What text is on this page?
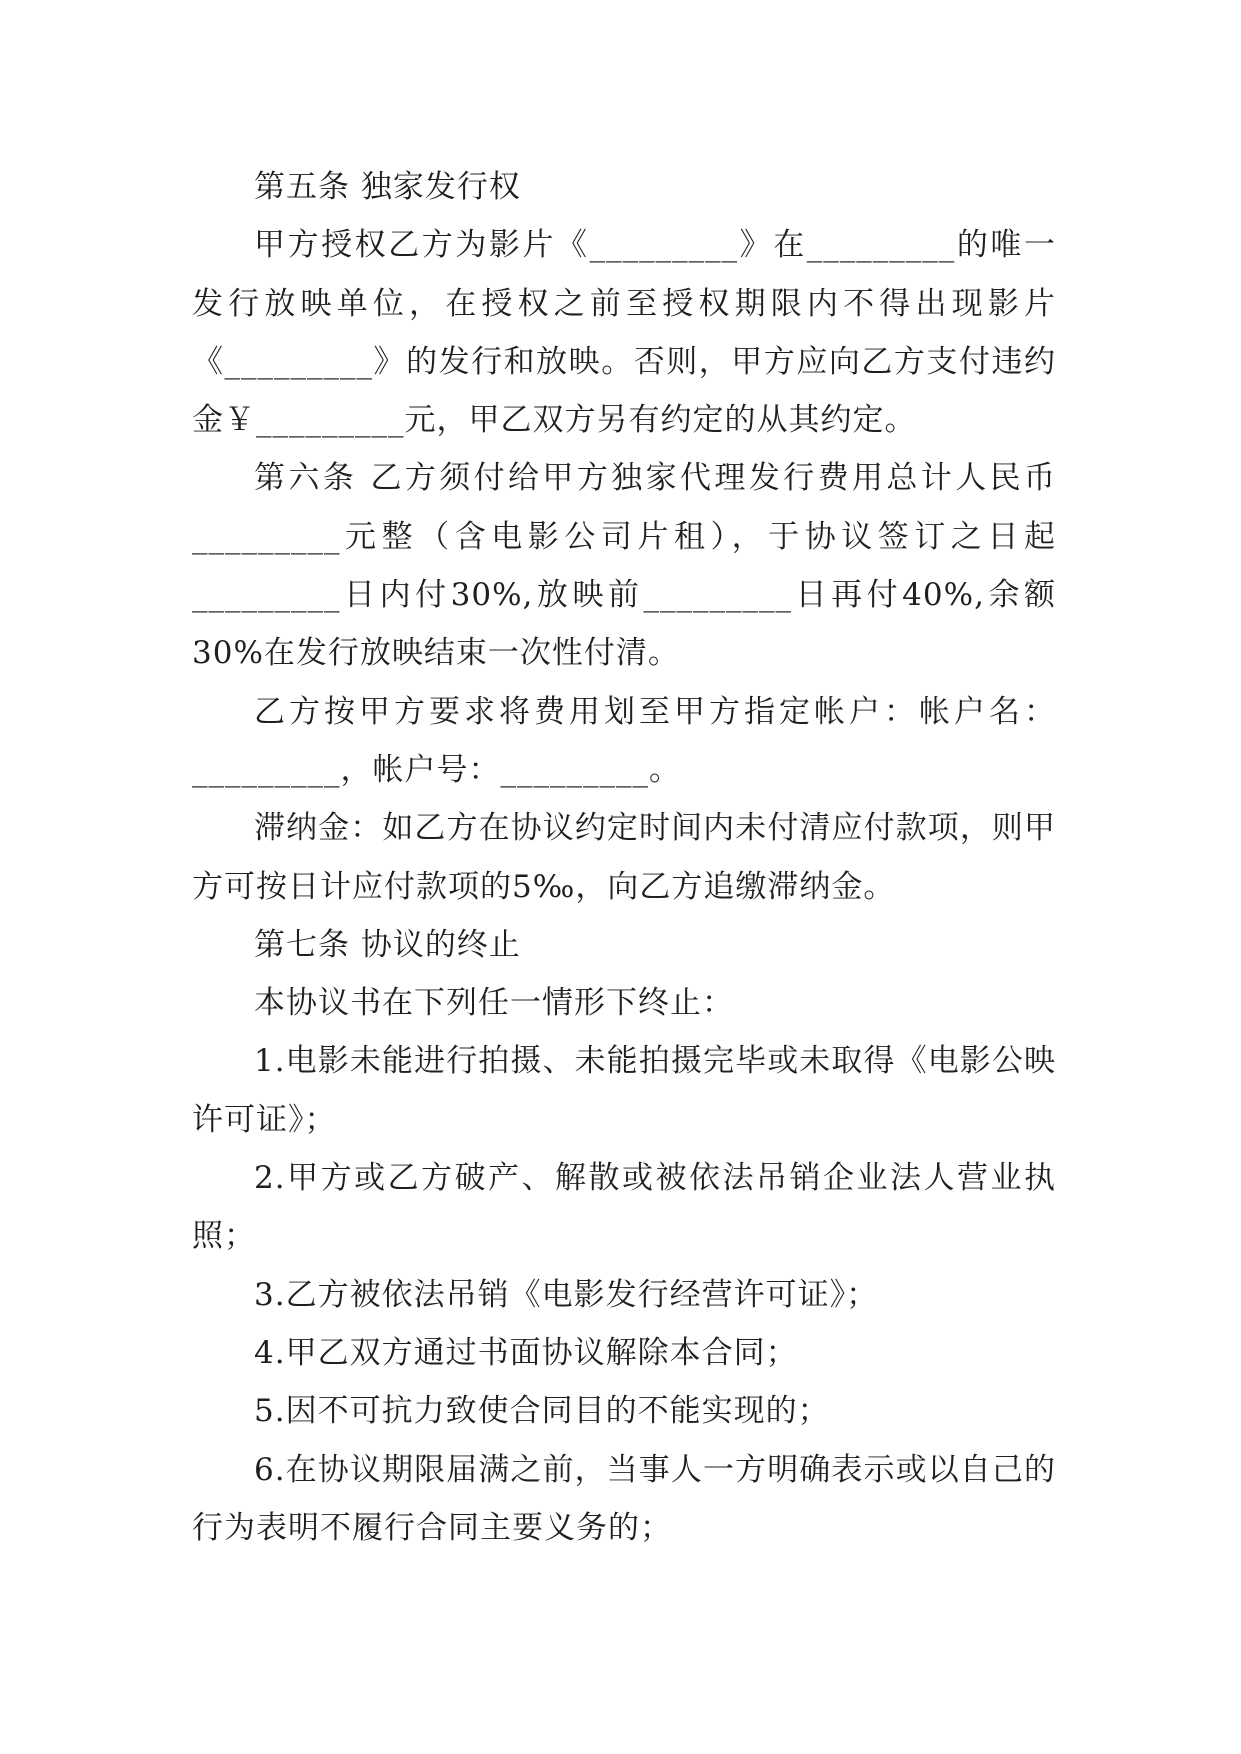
第五条 独家发行权

甲方授权乙方为影片《_________》在_________的唯一发行放映单位，在授权之前至授权期限内不得出现影片《_________》的发行和放映。否则，甲方应向乙方支付违约金￥_________元，甲乙双方另有约定的从其约定。

第六条 乙方须付给甲方独家代理发行费用总计人民币_________元整（含电影公司片租），于协议签订之日起_________日内付30%,放映前_________日再付40%,余额30%在发行放映结束一次性付清。

乙方按甲方要求将费用划至甲方指定帐户：帐户名：_________，帐户号：_________。

滞纳金：如乙方在协议约定时间内未付清应付款项，则甲方可按日计应付款项的5‰，向乙方追缴滞纳金。

第七条 协议的终止

本协议书在下列任一情形下终止：

1.电影未能进行拍摄、未能拍摄完毕或未取得《电影公映许可证》；

2.甲方或乙方破产、解散或被依法吊销企业法人营业执照；

3.乙方被依法吊销《电影发行经营许可证》；

4.甲乙双方通过书面协议解除本合同；

5.因不可抗力致使合同目的不能实现的；

6.在协议期限届满之前，当事人一方明确表示或以自己的行为表明不履行合同主要义务的；
